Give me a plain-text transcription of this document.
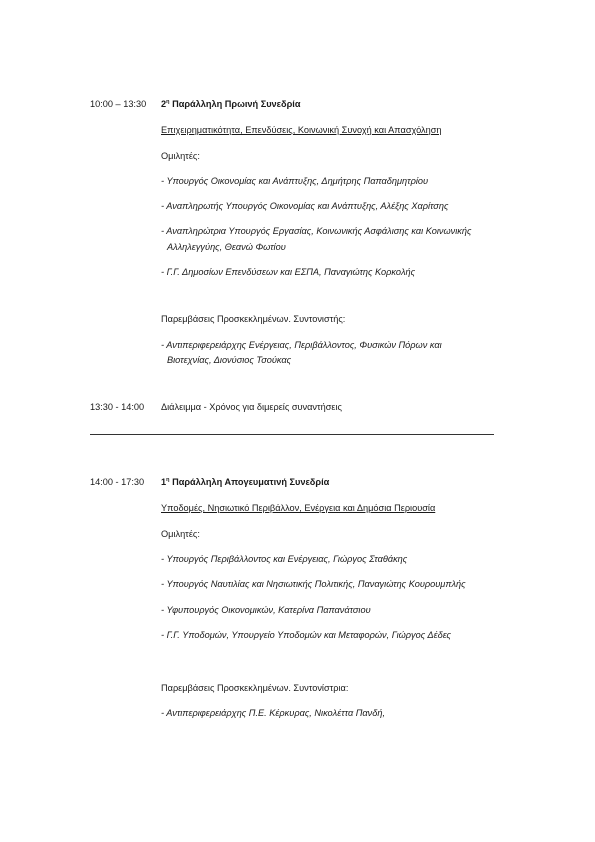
10:00 – 13:30 $2^\eta$ Παράλληλη Πρωινή Συνεδρία
Επιχειρηματικότητα, Επενδύσεις, Κοινωνική Συνοχή και Απασχόληση
Ομιλητές:
- Υπουργός Οικονομίας και Ανάπτυξης, Δημήτρης Παπαδημητρίου
- Αναπληρωτής Υπουργός Οικονομίας και Ανάπτυξης, Αλέξης Χαρίτσης
- Αναπληρώτρια Υπουργός Εργασίας, Κοινωνικής Ασφάλισης και Κοινωνικής
Αλληλεγγύης, Θεανώ Φωτίου
- Γ.Γ. Δημοσίων Επενδύσεων και ΕΣΠΑ, Παναγιώτης Κορκολής
Παρεμβάσεις Προσκεκλημένων. Συντονιστής:
- Αντιπεριφερειάρχης Ενέργειας, Περιβάλλοντος, Φυσικών Πόρων και
Βιοτεχνίας, Διονύσιος Τσούκας
13:30 - 14:00 Διάλειμμα - Χρόνος για διμερείς συναντήσεις
14:00 - 17:30 $1^\eta$ Παράλληλη Απογευματινή Συνεδρία
Υποδομές, Νησιωτικό Περιβάλλον, Ενέργεια και Δημόσια Περιουσία
Ομιλητές:
- Υπουργός Περιβάλλοντος και Ενέργειας, Γιώργος Σταθάκης
- Υπουργός Ναυτιλίας και Νησιωτικής Πολιτικής, Παναγιώτης Κουρουμπλής
- Υφυπουργός Οικονομικών, Κατερίνα Παπανάτσιου
- Γ.Γ. Υποδομών, Υπουργείο Υποδομών και Μεταφορών, Γιώργος Δέδες
Παρεμβάσεις Προσκεκλημένων. Συντονίστρια:
- Αντιπεριφερειάρχης Π.Ε. Κέρκυρας, Νικολέττα Πανδή,
